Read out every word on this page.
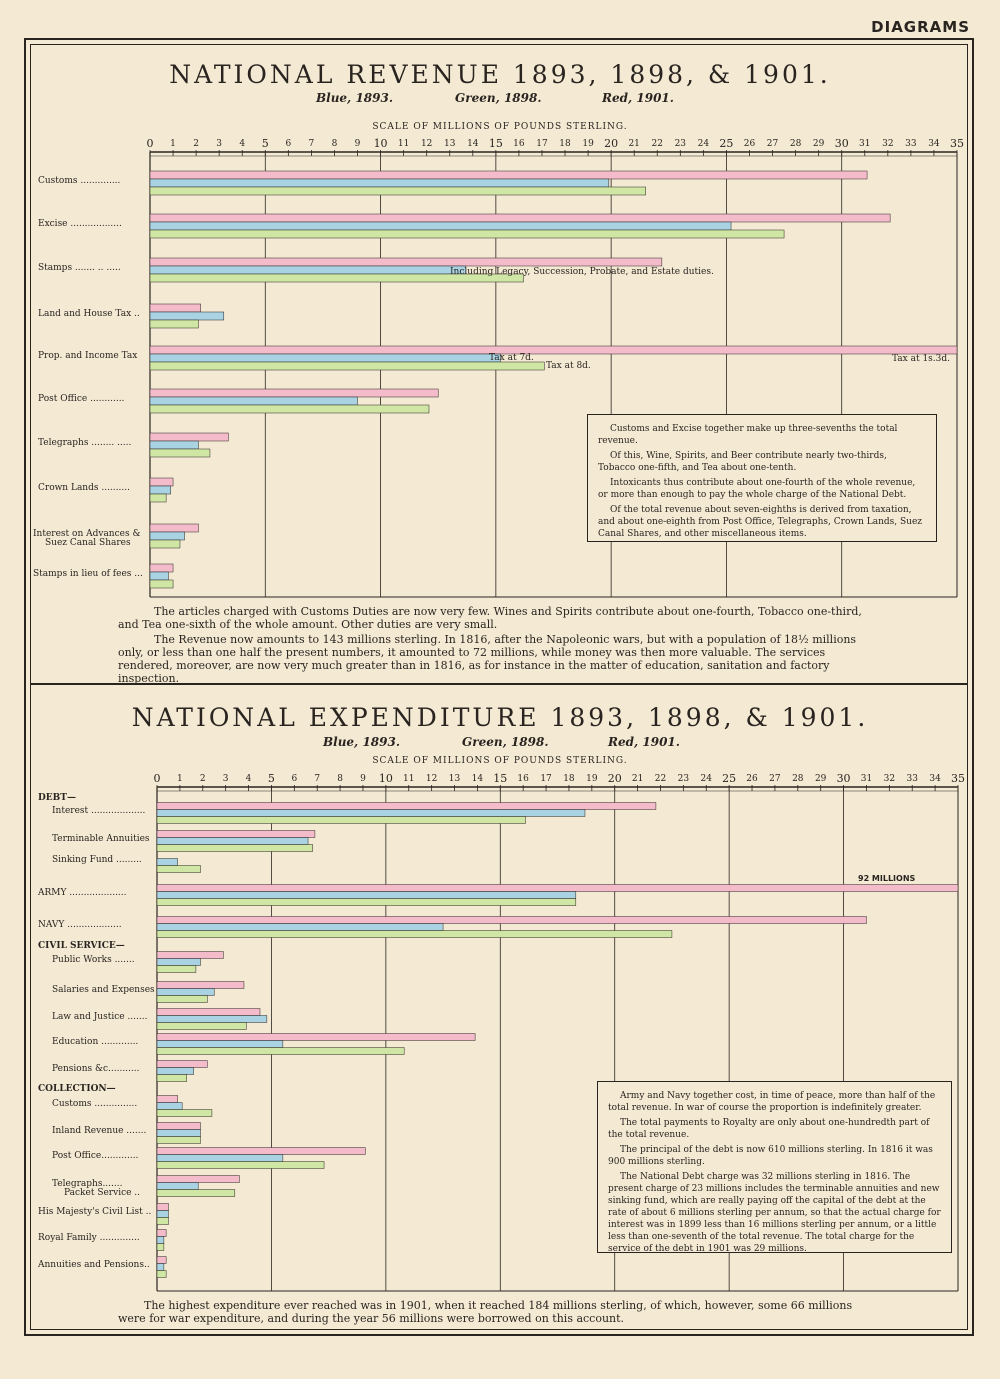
DIAGRAMS
NATIONAL REVENUE 1893, 1898, & 1901.
Blue, 1893.	Green, 1898.	Red, 1901.
SCALE OF MILLIONS OF POUNDS STERLING.
0 1 2 3 4 5 6 7 8 9 10 11 12 13 14 15 16 17 18 19 20 21 22 23 24 25 26 27 28 29 30 31 32 33 34 35
Customs ..............
Excise ..................
Stamps ....... .. .....
Land and House Tax ..
Prop. and Income Tax
Post Office ............
Telegraphs ........ .....
Crown Lands ..........
Interest on Advances &
Suez Canal Shares
Stamps in lieu of fees ...
Including Legacy, Succession, Probate, and Estate duties.
Tax at 7d.
Tax at 8d.
Tax at 1s.3d.

Customs and Excise together make up three-sevenths the total revenue.

Of this, Wine, Spirits, and Beer contribute nearly two-thirds, Tobacco one-fifth, and Tea about one-tenth.

Intoxicants thus contribute about one-fourth of the whole revenue, or more than enough to pay the whole charge of the National Debt.

Of the total revenue about seven-eighths is derived from taxation, and about one-eighth from Post Office, Telegraphs, Crown Lands, Suez Canal Shares, and other miscellaneous items.

The articles charged with Customs Duties are now very few. Wines and Spirits contribute about one-fourth, Tobacco one-third, and Tea one-sixth of the whole amount. Other duties are very small.
The Revenue now amounts to 143 millions sterling. In 1816, after the Napoleonic wars, but with a population of 18½ millions only, or less than one half the present numbers, it amounted to 72 millions, while money was then more valuable. The services rendered, moreover, are now very much greater than in 1816, as for instance in the matter of education, sanitation and factory inspection.
NATIONAL EXPENDITURE 1893, 1898, & 1901.
Blue, 1893.	Green, 1898.	Red, 1901.
SCALE OF MILLIONS OF POUNDS STERLING.
0 1 2 3 4 5 6 7 8 9 10 11 12 13 14 15 16 17 18 19 20 21 22 23 24 25 26 27 28 29 30 31 32 33 34 35
Interest ...................
Terminable Annuities
Sinking Fund .........
ARMY ....................
NAVY ...................
Public Works .......
Salaries and Expenses
Law and Justice .......
Education .............
Pensions &c...........
Customs ...............
Inland Revenue .......
Post Office.............
Telegraphs.......
Packet Service ..
His Majesty's Civil List ..
Royal Family ..............
Annuities and Pensions..
DEBT—
CIVIL SERVICE—
COLLECTION—
92 MILLIONS

Army and Navy together cost, in time of peace, more than half of the total revenue. In war of course the proportion is indefinitely greater.

The total payments to Royalty are only about one-hundredth part of the total revenue.

The principal of the debt is now 610 millions sterling. In 1816 it was 900 millions sterling.

The National Debt charge was 32 millions sterling in 1816. The present charge of 23 millions includes the terminable annuities and new sinking fund, which are really paying off the capital of the debt at the rate of about 6 millions sterling per annum, so that the actual charge for interest was in 1899 less than 16 millions sterling per annum, or a little less than one-seventh of the total revenue. The total charge for the service of the debt in 1901 was 29 millions.

The highest expenditure ever reached was in 1901, when it reached 184 millions sterling, of which, however, some 66 millions were for war expenditure, and during the year 56 millions were borrowed on this account.
